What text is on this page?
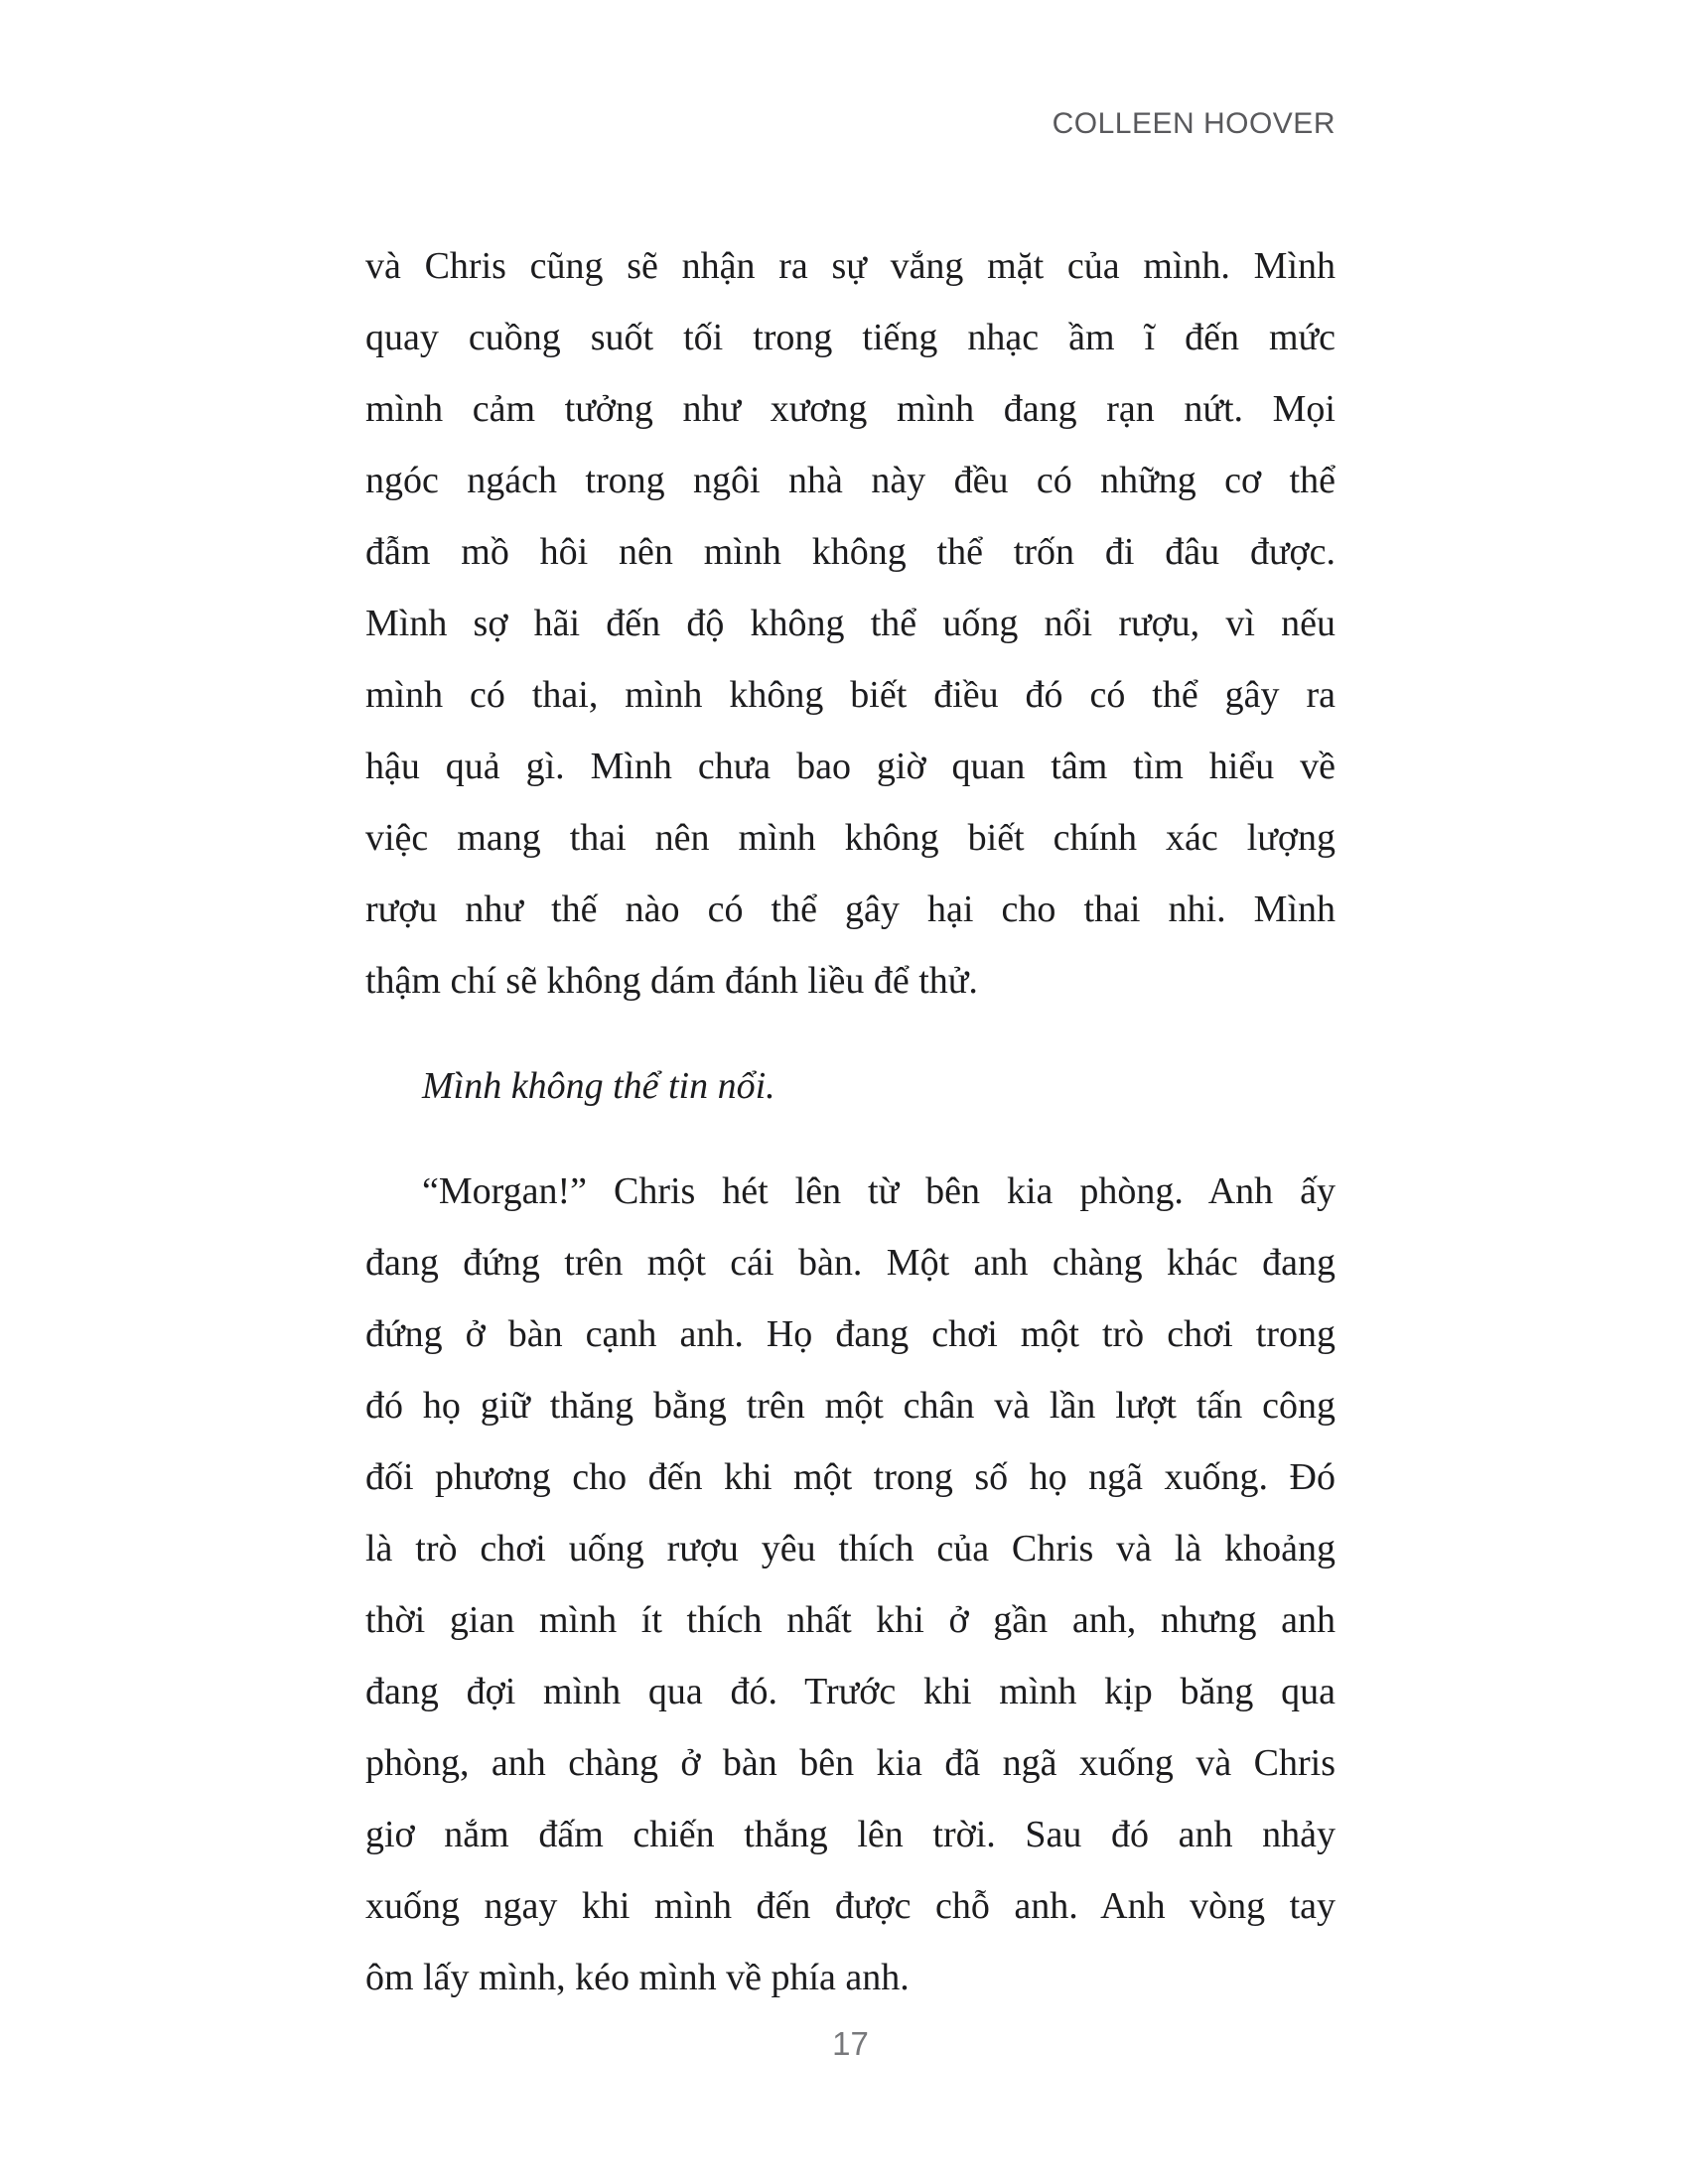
COLLEEN HOOVER
và Chris cũng sẽ nhận ra sự vắng mặt của mình. Mình
quay cuồng suốt tối trong tiếng nhạc ầm ĩ đến mức
mình cảm tưởng như xương mình đang rạn nứt. Mọi
ngóc ngách trong ngôi nhà này đều có những cơ thể
đẫm mồ hôi nên mình không thể trốn đi đâu được.
Mình sợ hãi đến độ không thể uống nổi rượu, vì nếu
mình có thai, mình không biết điều đó có thể gây ra
hậu quả gì. Mình chưa bao giờ quan tâm tìm hiểu về
việc mang thai nên mình không biết chính xác lượng
rượu như thế nào có thể gây hại cho thai nhi. Mình
thậm chí sẽ không dám đánh liều để thử.
Mình không thể tin nổi.
“Morgan!” Chris hét lên từ bên kia phòng. Anh ấy
đang đứng trên một cái bàn. Một anh chàng khác đang
đứng ở bàn cạnh anh. Họ đang chơi một trò chơi trong
đó họ giữ thăng bằng trên một chân và lần lượt tấn công
đối phương cho đến khi một trong số họ ngã xuống. Đó
là trò chơi uống rượu yêu thích của Chris và là khoảng
thời gian mình ít thích nhất khi ở gần anh, nhưng anh
đang đợi mình qua đó. Trước khi mình kịp băng qua
phòng, anh chàng ở bàn bên kia đã ngã xuống và Chris
giơ nắm đấm chiến thắng lên trời. Sau đó anh nhảy
xuống ngay khi mình đến được chỗ anh. Anh vòng tay
ôm lấy mình, kéo mình về phía anh.
17
